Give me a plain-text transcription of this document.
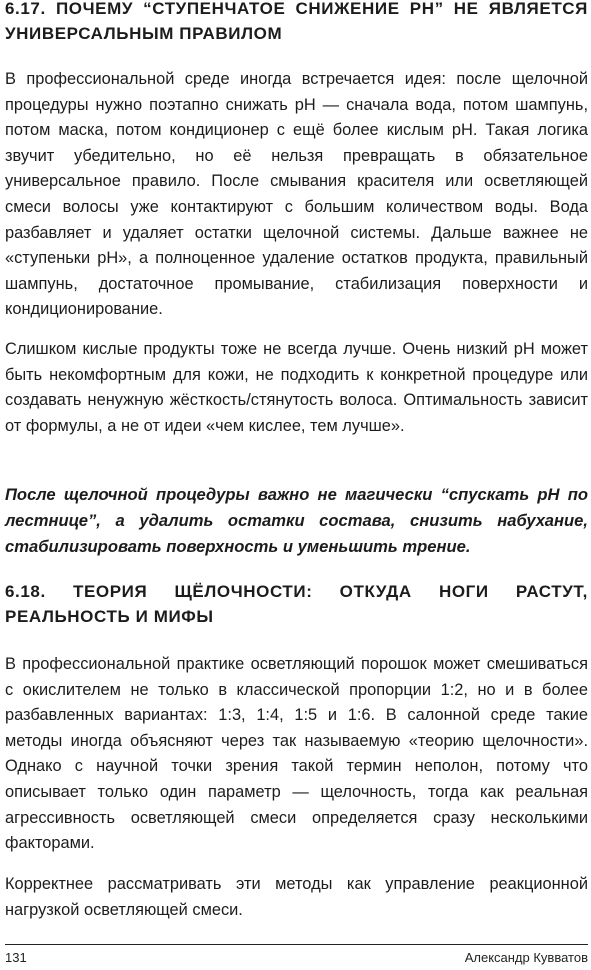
6.17. ПОЧЕМУ “СТУПЕНЧАТОЕ СНИЖЕНИЕ PH” НЕ ЯВЛЯЕТСЯ УНИВЕРСАЛЬНЫМ ПРАВИЛОМ

В профессиональной среде иногда встречается идея: после щелочной процедуры нужно поэтапно снижать pH — сначала вода, потом шампунь, потом маска, потом кондиционер с ещё более кислым pH. Такая логика звучит убедительно, но её нельзя превращать в обязательное универсальное правило. После смывания красителя или осветляющей смеси волосы уже контактируют с большим количеством воды. Вода разбавляет и удаляет остатки щелочной системы. Дальше важнее не «ступеньки pH», а полноценное удаление остатков продукта, правильный шампунь, достаточное промывание, стабилизация поверхности и кондиционирование.

Слишком кислые продукты тоже не всегда лучше. Очень низкий pH может быть некомфортным для кожи, не подходить к конкретной процедуре или создавать ненужную жёсткость/стянутость волоса. Оптимальность зависит от формулы, а не от идеи «чем кислее, тем лучше».

После щелочной процедуры важно не магически “спускать pH по лестнице”, а удалить остатки состава, снизить набухание, стабилизировать поверхность и уменьшить трение.

6.18. ТЕОРИЯ ЩЁЛОЧНОСТИ: ОТКУДА НОГИ РАСТУТ, РЕАЛЬНОСТЬ И МИФЫ

В профессиональной практике осветляющий порошок может смешиваться с окислителем не только в классической пропорции 1:2, но и в более разбавленных вариантах: 1:3, 1:4, 1:5 и 1:6. В салонной среде такие методы иногда объясняют через так называемую «теорию щелочности». Однако с научной точки зрения такой термин неполон, потому что описывает только один параметр — щелочность, тогда как реальная агрессивность осветляющей смеси определяется сразу несколькими факторами.

Корректнее рассматривать эти методы как управление реакционной нагрузкой осветляющей смеси.

131	Александр Кувватов
